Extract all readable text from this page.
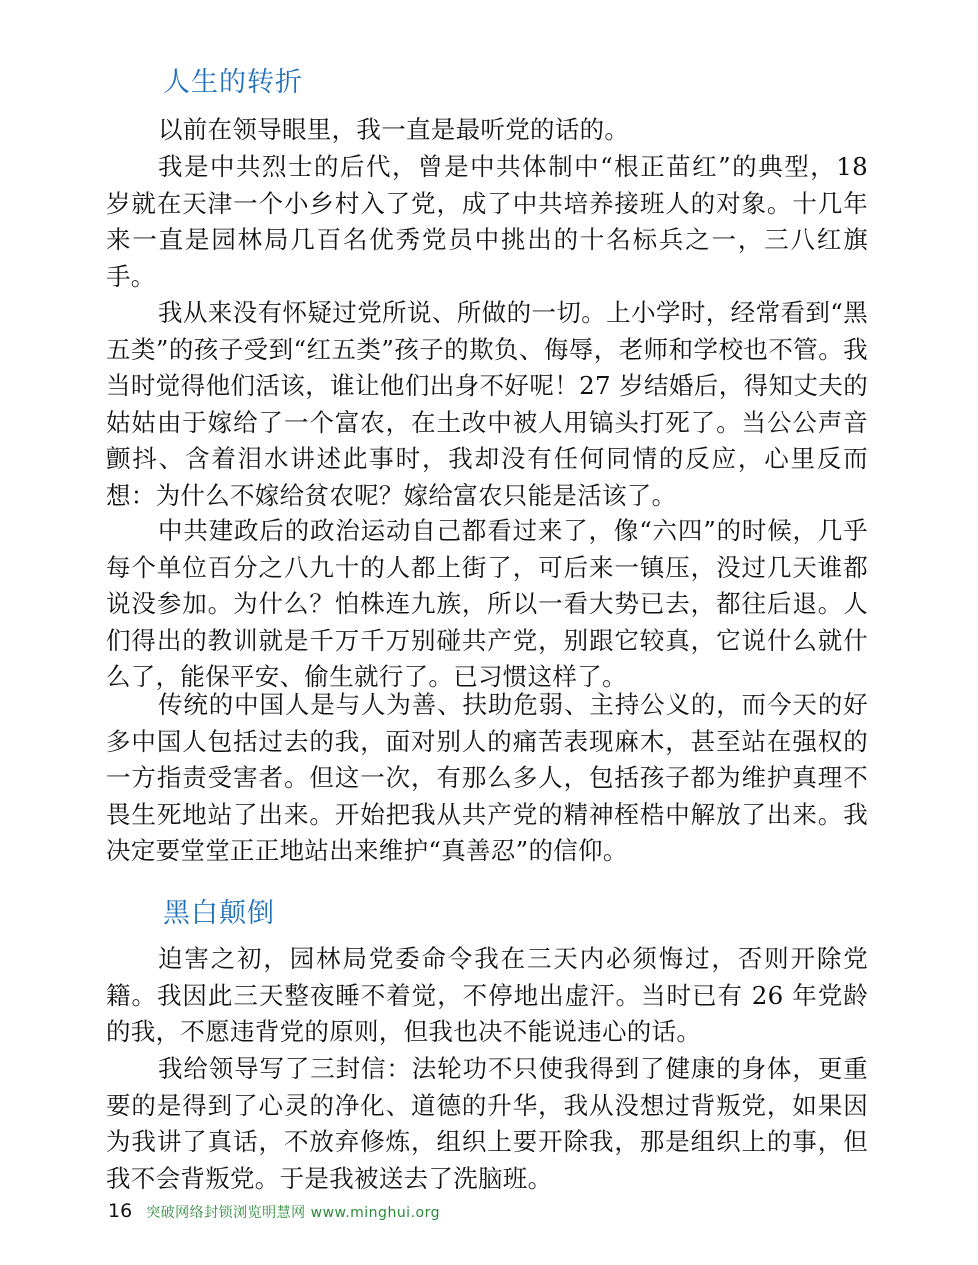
人生的转折

以前在领导眼里，我一直是最听党的话的。

我是中共烈士的后代，曾是中共体制中“根正苗红”的典型，18 岁就在天津一个小乡村入了党，成了中共培养接班人的对象。十几年来一直是园林局几百名优秀党员中挑出的十名标兵之一，三八红旗手。

我从来没有怀疑过党所说、所做的一切。上小学时，经常看到“黑五类”的孩子受到“红五类”孩子的欺负、侮辱，老师和学校也不管。我当时觉得他们活该，谁让他们出身不好呢！27 岁结婚后，得知丈夫的姑姑由于嫁给了一个富农，在土改中被人用镐头打死了。当公公声音颤抖、含着泪水讲述此事时，我却没有任何同情的反应，心里反而想：为什么不嫁给贫农呢？嫁给富农只能是活该了。

中共建政后的政治运动自己都看过来了，像“六四”的时候，几乎每个单位百分之八九十的人都上街了，可后来一镇压，没过几天谁都说没参加。为什么？怕株连九族，所以一看大势已去，都往后退。人们得出的教训就是千万千万别碰共产党，别跟它较真，它说什么就什么了，能保平安、偷生就行了。已习惯这样了。

传统的中国人是与人为善、扶助危弱、主持公义的，而今天的好多中国人包括过去的我，面对别人的痛苦表现麻木，甚至站在强权的一方指责受害者。但这一次，有那么多人，包括孩子都为维护真理不畏生死地站了出来。开始把我从共产党的精神桎梏中解放了出来。我决定要堂堂正正地站出来维护“真善忍”的信仰。

黑白颠倒

迫害之初，园林局党委命令我在三天内必须悔过，否则开除党籍。我因此三天整夜睡不着觉，不停地出虚汗。当时已有 26 年党龄的我，不愿违背党的原则，但我也决不能说违心的话。

我给领导写了三封信：法轮功不只使我得到了健康的身体，更重要的是得到了心灵的净化、道德的升华，我从没想过背叛党，如果因为我讲了真话，不放弃修炼，组织上要开除我，那是组织上的事，但我不会背叛党。于是我被送去了洗脑班。

16 突破网络封锁浏览明慧网 www.minghui.org
